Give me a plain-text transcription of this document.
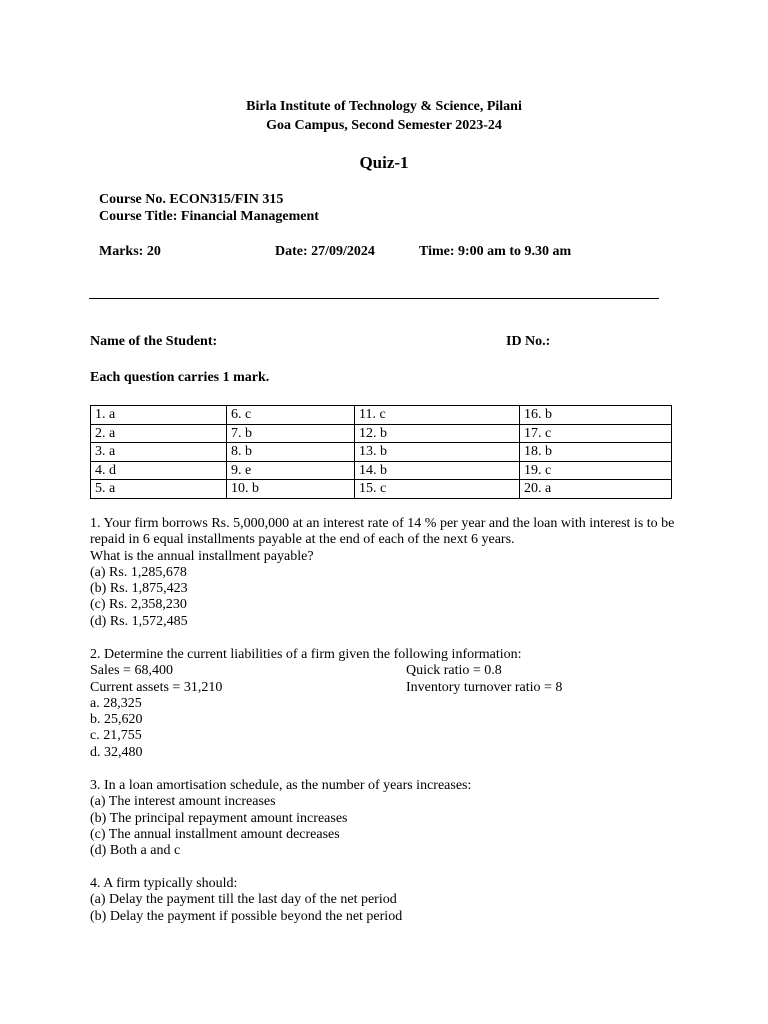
Birla Institute of Technology & Science, Pilani
Goa Campus, Second Semester 2023-24
Quiz-1
Course No. ECON315/FIN 315
Course Title: Financial Management
Marks: 20	Date: 27/09/2024	Time: 9:00 am to 9.30 am
Name of the Student:	ID No.:
Each question carries 1 mark.
1. a	6. c	11. c	16. b
2. a	7. b	12. b	17. c
3. a	8. b	13. b	18. b
4. d	9. e	14. b	19. c
5. a	10. b	15. c	20. a
1. Your firm borrows Rs. 5,000,000 at an interest rate of 14 % per year and the loan with interest is to be
repaid in 6 equal installments payable at the end of each of the next 6 years.
What is the annual installment payable?
(a) Rs. 1,285,678
(b) Rs. 1,875,423
(c) Rs. 2,358,230
(d) Rs. 1,572,485
2. Determine the current liabilities of a firm given the following information:
Sales = 68,400	Quick ratio = 0.8
Current assets = 31,210	Inventory turnover ratio = 8
a. 28,325
b. 25,620
c. 21,755
d. 32,480
3. In a loan amortisation schedule, as the number of years increases:
(a) The interest amount increases
(b) The principal repayment amount increases
(c) The annual installment amount decreases
(d) Both a and c
4. A firm typically should:
(a) Delay the payment till the last day of the net period
(b) Delay the payment if possible beyond the net period
